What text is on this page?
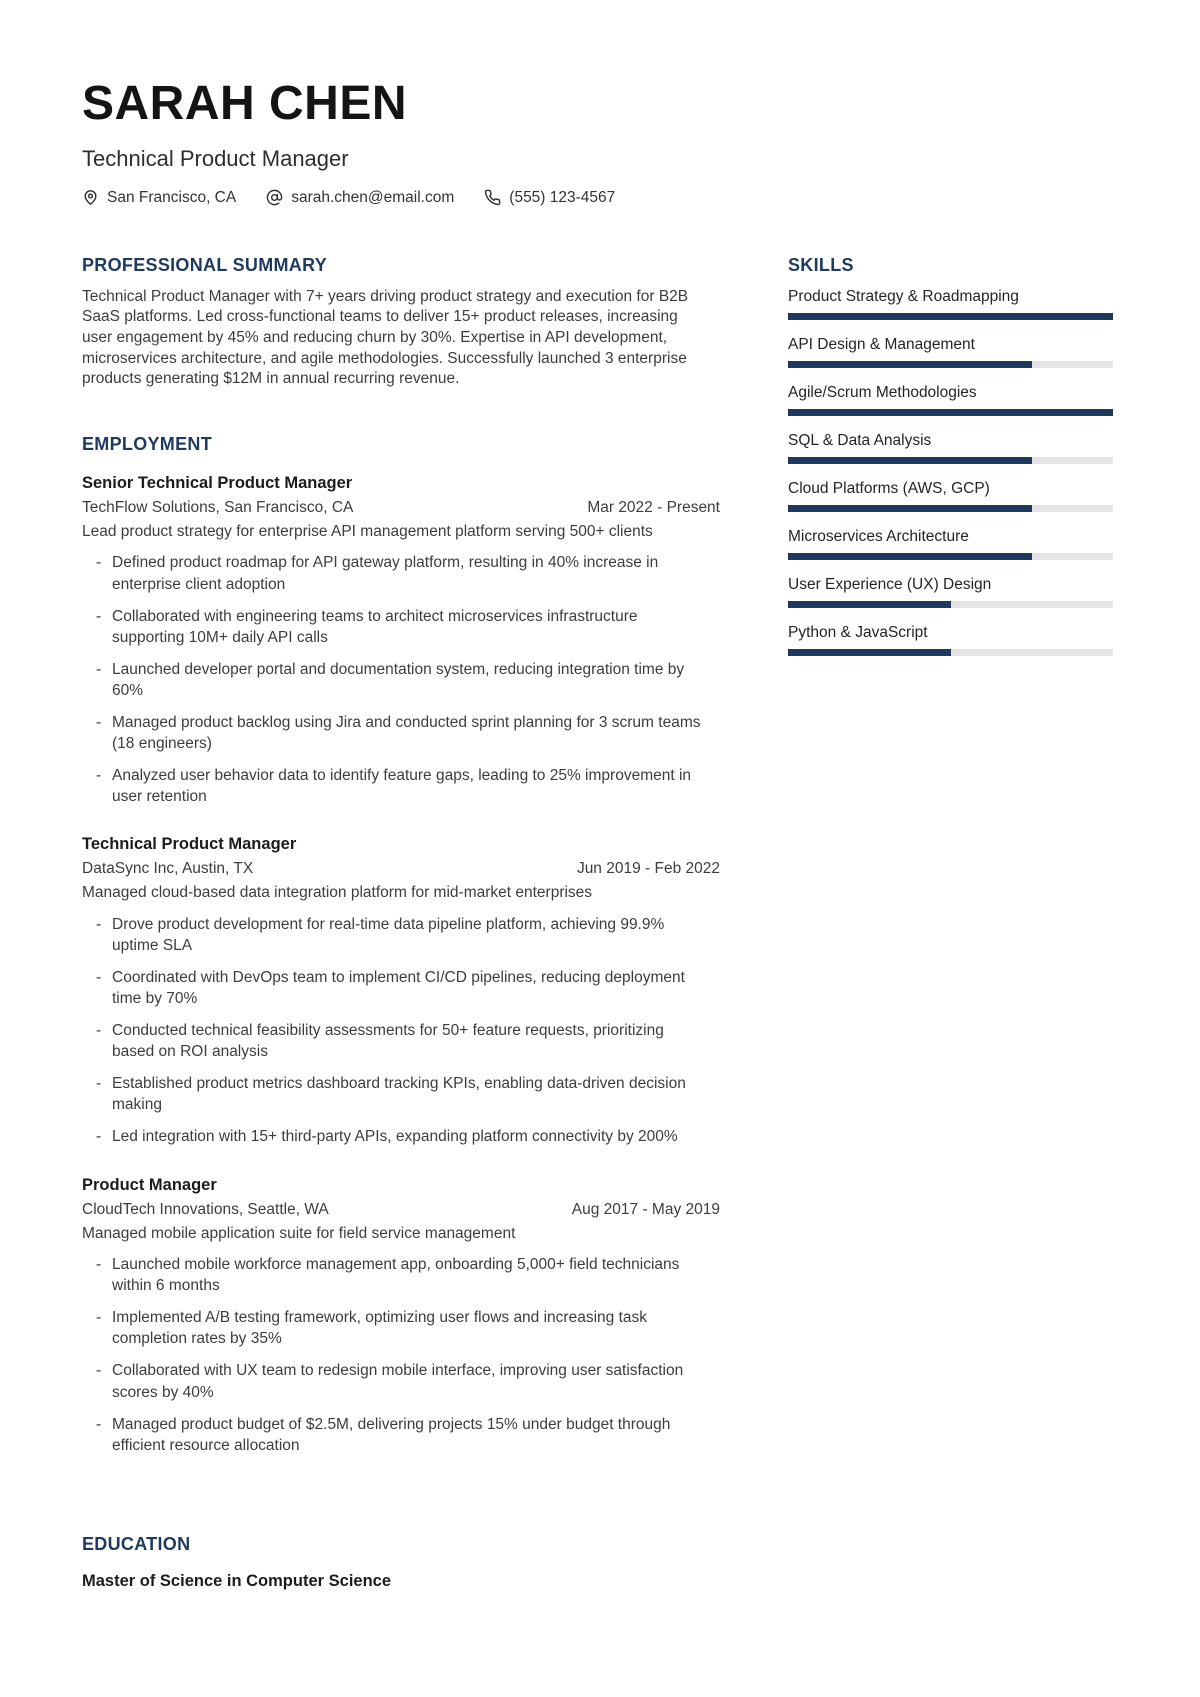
SARAH CHEN
Technical Product Manager
San Francisco, CA	sarah.chen@email.com	(555) 123-4567
PROFESSIONAL SUMMARY

Technical Product Manager with 7+ years driving product strategy and execution for B2B SaaS platforms. Led cross-functional teams to deliver 15+ product releases, increasing user engagement by 45% and reducing churn by 30%. Expertise in API development, microservices architecture, and agile methodologies. Successfully launched 3 enterprise products generating $12M in annual recurring revenue.

EMPLOYMENT
Senior Technical Product Manager
TechFlow Solutions, San Francisco, CA	Mar 2022 - Present

Lead product strategy for enterprise API management platform serving 500+ clients

- Defined product roadmap for API gateway platform, resulting in 40% increase in enterprise client adoption
- Collaborated with engineering teams to architect microservices infrastructure supporting 10M+ daily API calls
- Launched developer portal and documentation system, reducing integration time by 60%
- Managed product backlog using Jira and conducted sprint planning for 3 scrum teams (18 engineers)
- Analyzed user behavior data to identify feature gaps, leading to 25% improvement in user retention
Technical Product Manager
DataSync Inc, Austin, TX	Jun 2019 - Feb 2022

Managed cloud-based data integration platform for mid-market enterprises

- Drove product development for real-time data pipeline platform, achieving 99.9% uptime SLA
- Coordinated with DevOps team to implement CI/CD pipelines, reducing deployment time by 70%
- Conducted technical feasibility assessments for 50+ feature requests, prioritizing based on ROI analysis
- Established product metrics dashboard tracking KPIs, enabling data-driven decision making
- Led integration with 15+ third-party APIs, expanding platform connectivity by 200%
Product Manager
CloudTech Innovations, Seattle, WA	Aug 2017 - May 2019

Managed mobile application suite for field service management

- Launched mobile workforce management app, onboarding 5,000+ field technicians within 6 months
- Implemented A/B testing framework, optimizing user flows and increasing task completion rates by 35%
- Collaborated with UX team to redesign mobile interface, improving user satisfaction scores by 40%
- Managed product budget of $2.5M, delivering projects 15% under budget through efficient resource allocation
EDUCATION
Master of Science in Computer Science
SKILLS
Product Strategy & Roadmapping
API Design & Management
Agile/Scrum Methodologies
SQL & Data Analysis
Cloud Platforms (AWS, GCP)
Microservices Architecture
User Experience (UX) Design
Python & JavaScript
